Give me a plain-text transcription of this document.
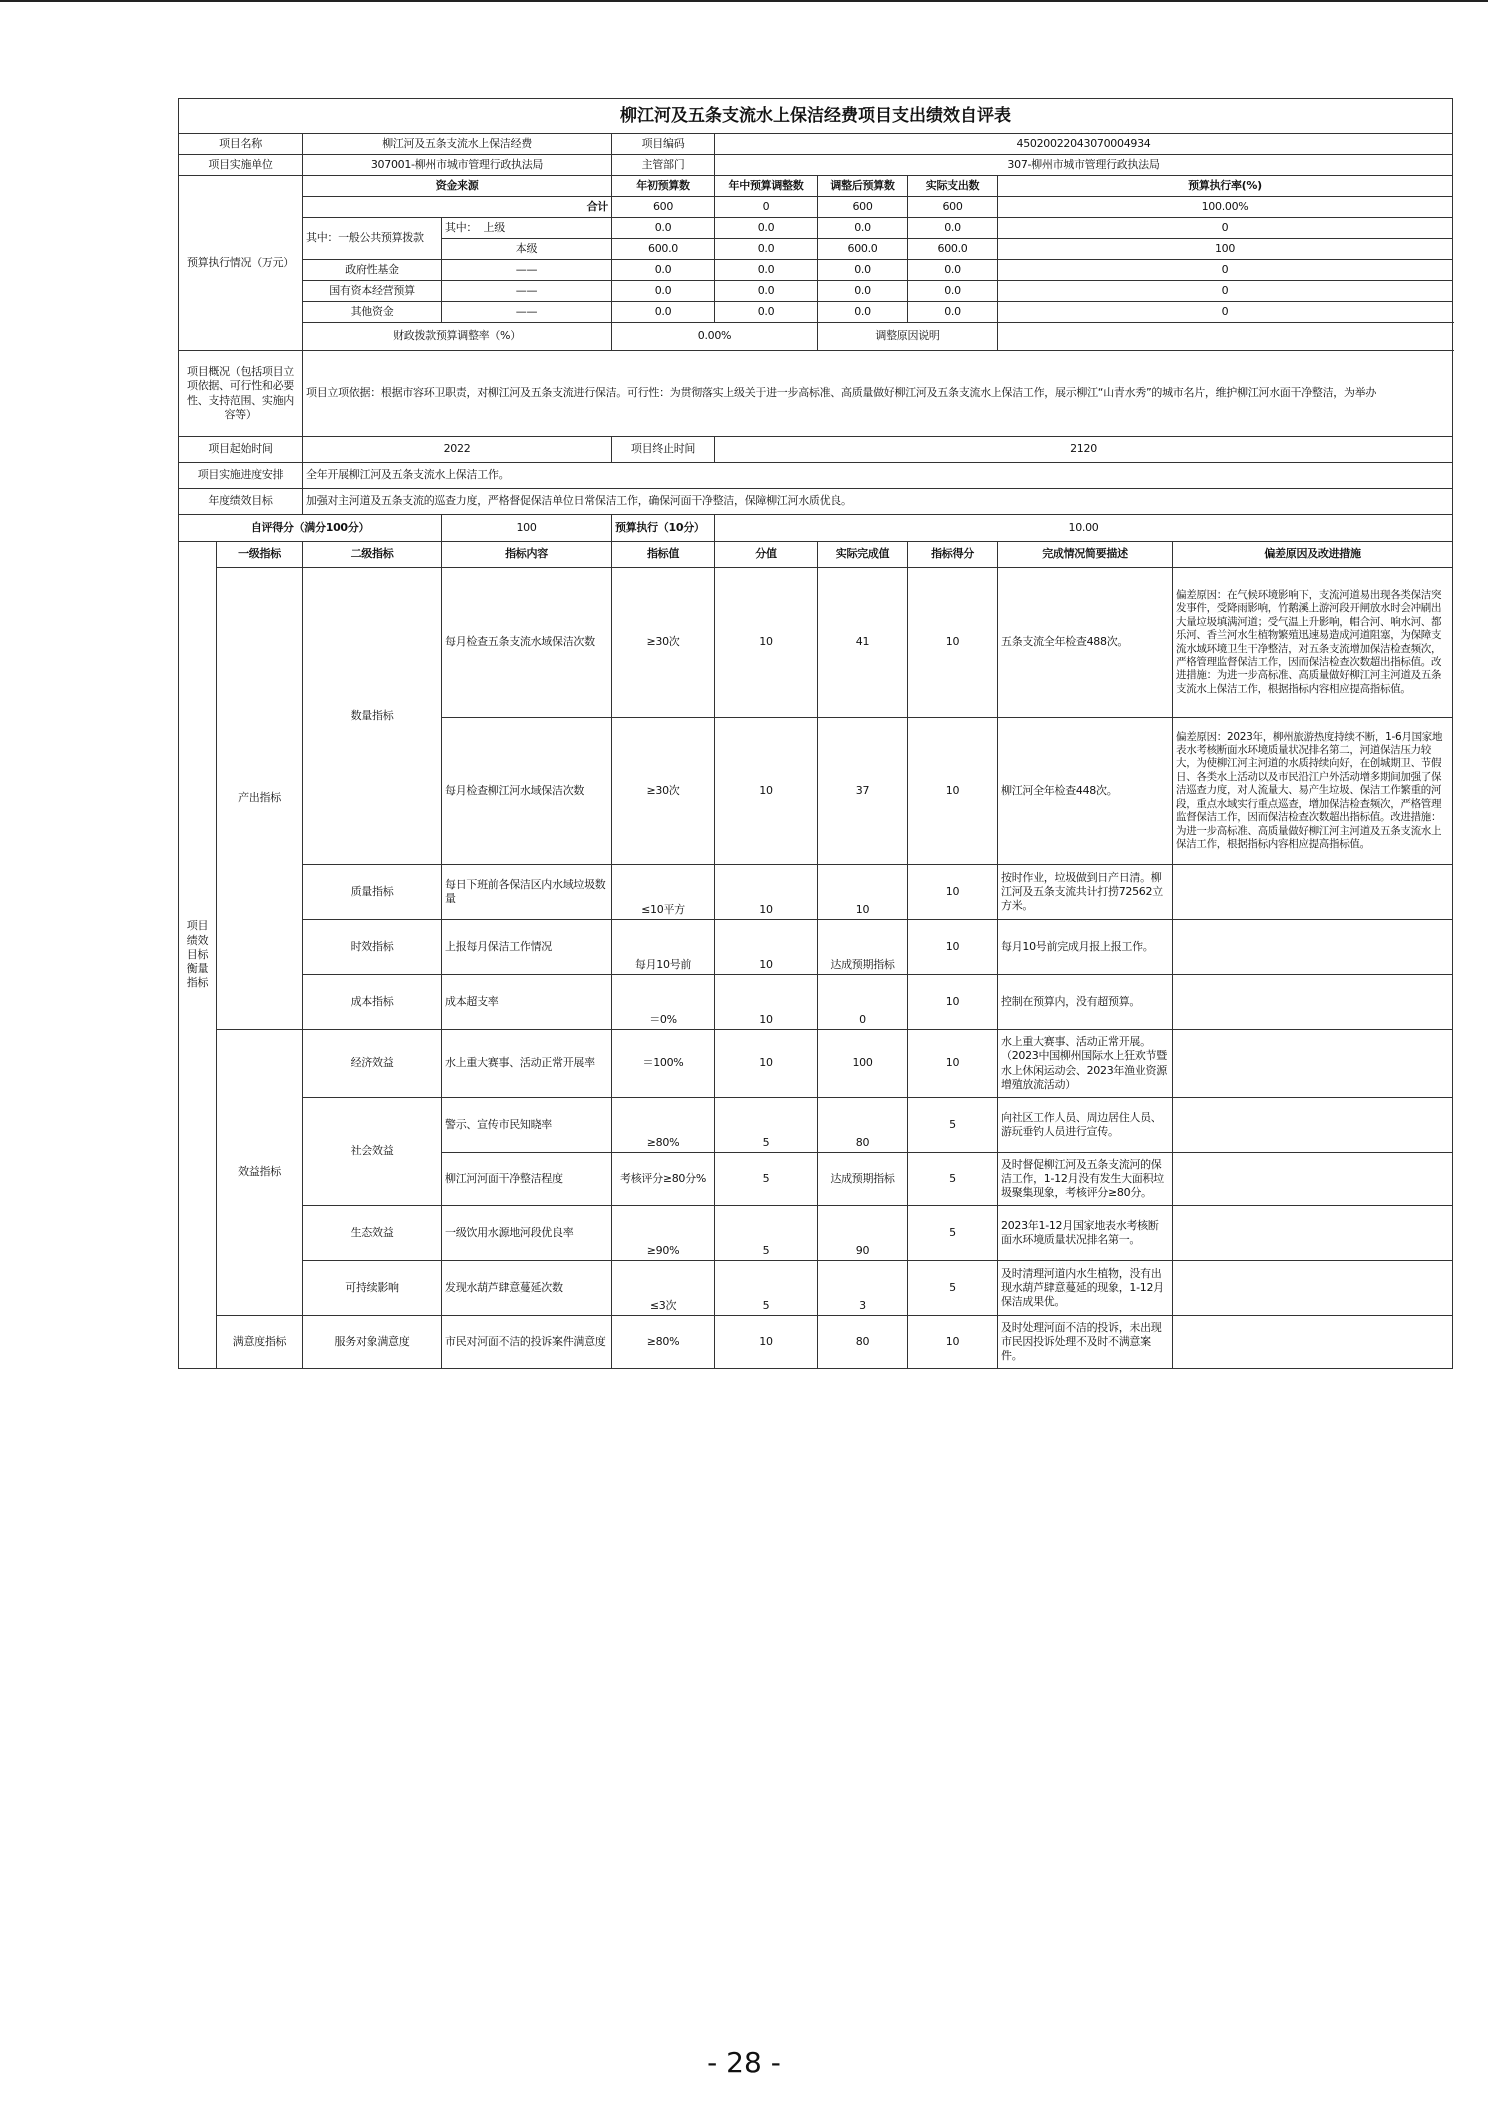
柳江河及五条支流水上保洁经费项目支出绩效自评表									
项目名称		柳江河及五条支流水上保洁经费		项目编码	45020022043070004934				
项目实施单位		307001-柳州市城市管理行政执法局		主管部门	307-柳州市城市管理行政执法局				
预算执行情况（万元）		资金来源		年初预算数	年中预算调整数	调整后预算数	实际支出数	预算执行率(%)	
		合计		600	0	600	600	100.00%	
		其中：一般公共预算拨款	其中：  上级	0.0	0.0	0.0	0.0	0	
			本级	600.0	0.0	600.0	600.0	100	
		政府性基金	——	0.0	0.0	0.0	0.0	0	
		国有资本经营预算	——	0.0	0.0	0.0	0.0	0	
		其他资金	——	0.0	0.0	0.0	0.0	0	
		财政拨款预算调整率（%）		0.00%		调整原因说明			
项目概况（包括项目立项依据、可行性和必要性、支持范围、实施内容等）		项目立项依据：根据市容环卫职责，对柳江河及五条支流进行保洁。可行性：为贯彻落实上级关于进一步高标准、高质量做好柳江河及五条支流水上保洁工作，展示柳江“山青水秀”的城市名片，维护柳江河水面干净整洁，为举办							
项目起始时间		2022		项目终止时间	2120				
项目实施进度安排		全年开展柳江河及五条支流水上保洁工作。							
年度绩效目标		加强对主河道及五条支流的巡查力度，严格督促保洁单位日常保洁工作，确保河面干净整洁，保障柳江河水质优良。							
自评得分（满分100分）			100	预算执行（10分）	10.00				
项目绩效目标衡量指标	一级指标	二级指标	指标内容	指标值	分值	实际完成值	指标得分	完成情况简要描述	偏差原因及改进措施
	产出指标	数量指标	每月检查五条支流水域保洁次数	≥30次	10	41	10	五条支流全年检查488次。	偏差原因：在气候环境影响下，支流河道易出现各类保洁突发事件，受降雨影响，竹鹅溪上游河段开闸放水时会冲刷出大量垃圾填满河道；受气温上升影响，帽合河、响水河、都乐河、香兰河水生植物繁殖迅速易造成河道阻塞，为保障支流水域环境卫生干净整洁，对五条支流增加保洁检查频次，严格管理监督保洁工作，因而保洁检查次数超出指标值。改进措施：为进一步高标准、高质量做好柳江河主河道及五条支流水上保洁工作，根据指标内容相应提高指标值。
			每月检查柳江河水域保洁次数	≥30次	10	37	10	柳江河全年检查448次。	偏差原因：2023年，柳州旅游热度持续不断，1-6月国家地表水考核断面水环境质量状况排名第二，河道保洁压力较大，为使柳江河主河道的水质持续向好，在创城期卫、节假日、各类水上活动以及市民沿江户外活动增多期间加强了保洁巡查力度，对人流量大、易产生垃圾、保洁工作繁重的河段，重点水域实行重点巡查，增加保洁检查频次，严格管理监督保洁工作，因而保洁检查次数超出指标值。改进措施：为进一步高标准、高质量做好柳江河主河道及五条支流水上保洁工作，根据指标内容相应提高指标值。
		质量指标	每日下班前各保洁区内水域垃圾数量	≤10平方	10	10	10	按时作业，垃圾做到日产日清。柳江河及五条支流共计打捞72562立方米。	
		时效指标	上报每月保洁工作情况	每月10号前	10	达成预期指标	10	每月10号前完成月报上报工作。	
		成本指标	成本超支率	＝0%	10	0	10	控制在预算内，没有超预算。	
	效益指标	经济效益	水上重大赛事、活动正常开展率	＝100%	10	100	10	水上重大赛事、活动正常开展。（2023中国柳州国际水上狂欢节暨水上休闲运动会、2023年渔业资源增殖放流活动）	
		社会效益	警示、宣传市民知晓率	≥80%	5	80	5	向社区工作人员、周边居住人员、游玩垂钓人员进行宣传。	
			柳江河河面干净整洁程度	考核评分≥80分%	5	达成预期指标	5	及时督促柳江河及五条支流河的保洁工作，1-12月没有发生大面积垃圾聚集现象，考核评分≥80分。	
		生态效益	一级饮用水源地河段优良率	≥90%	5	90	5	2023年1-12月国家地表水考核断面水环境质量状况排名第一。	
		可持续影响	发现水葫芦肆意蔓延次数	≤3次	5	3	5	及时清理河道内水生植物，没有出现水葫芦肆意蔓延的现象，1-12月保洁成果优。	
	满意度指标	服务对象满意度	市民对河面不洁的投诉案件满意度	≥80%	10	80	10	及时处理河面不洁的投诉，未出现市民因投诉处理不及时不满意案件。	
- 28 -
